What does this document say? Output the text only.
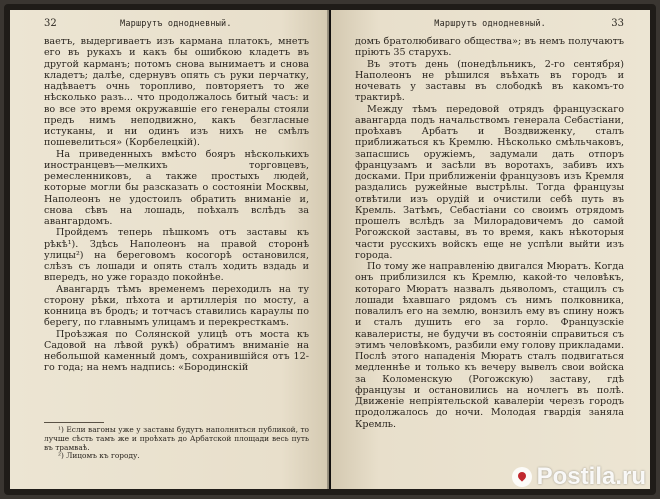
32	Маршрутъ однодневный.

ваетъ, выдергиваетъ изъ кармана платокъ, мнетъ его въ рукахъ и какъ бы ошибкою кладетъ въ другой карманъ; потомъ снова вынимаетъ и снова кладетъ; далѣе, сдернувъ опять съ руки перчатку, надѣваетъ очнь торопливо, повторяетъ то же нѣсколько разъ... что продолжалось битый часъ: и во все это время окружавшіе его генералы стояли предъ нимъ неподвижно, какъ безгласные истуканы, и ни одинъ изъ нихъ не смѣлъ пошевелиться» (Корбелецкій).

На приведенныхъ вмѣсто бояръ нѣсколькихъ иностранцевъ—мелкихъ торговцевъ, ремесленниковъ, а также простыхъ людей, которые могли бы разсказать о состояніи Москвы, Наполеонъ не удостоилъ обратить вниманіе и, снова сѣвъ на лошадь, поѣхалъ вслѣдъ за авангардомъ.

Пройдемъ теперь пѣшкомъ отъ заставы къ рѣкѣ¹). Здѣсь Наполеонъ на правой сторонѣ улицы²) на береговомъ косогорѣ остановился, слѣзъ съ лошади и опять сталъ ходить вздадь и впередъ, но уже гораздо покойнѣе.

Авангардъ тѣмъ временемъ переходилъ на ту сторону рѣки, пѣхота и артиллерія по мосту, а конница въ бродъ; и тотчасъ ставились караулы по берегу, по главнымъ улицамъ и перекресткамъ.

Проѣзжая по Солянской улицѣ отъ моста къ Садовой на лѣвой рукѣ) обратимъ вниманіе на небольшой каменный домъ, сохранившійся отъ 12-го года; на немъ надпись: «Бородинскій

¹) Если вагоны уже у заставы будутъ наполняться публикой, то лучше сѣсть тамъ же и проѣхать до Арбатской площади весь путь въ трамваѣ.

²) Лицомъ къ городу.

Маршрутъ однодневный.	33

домъ братолюбиваго общества»; въ немъ получаютъ пріютъ 35 старухъ.

Въ этотъ день (понедѣльникъ, 2-го сентября) Наполеонъ не рѣшился въѣхать въ городъ и ночевать у заставы въ слободкѣ въ какомъ-то трактирѣ.

Между тѣмъ передовой отрядъ французскаго авангарда подъ начальствомъ генерала Себастіани, проѣхавъ Арбатъ и Воздвиженку, сталъ приближаться къ Кремлю. Нѣсколько смѣльчаковъ, запасшись оружіемъ, задумали дать отпоръ французамъ и засѣли въ воротахъ, забивъ ихъ досками. При приближеніи французовъ изъ Кремля раздались ружейные выстрѣлы. Тогда французы отвѣтили изъ орудій и очистили себѣ путь въ Кремль. Затѣмъ, Себастіани со своимъ отрядомъ прошелъ вслѣдъ за Милорадовичемъ до самой Рогожской заставы, въ то время, какъ нѣкоторыя части русскихъ войскъ еще не успѣли выйти изъ города.

По тому же направленію двигался Мюратъ. Когда онъ приблизился къ Кремлю, какой-то человѣкъ, котораго Мюратъ назвалъ дьяволомъ, стащилъ съ лошади ѣхавшаго рядомъ съ нимъ полковника, повалилъ его на землю, вонзилъ ему въ спину ножъ и сталъ душить его за горло. Французскіе кавалеристы, не будучи въ состояніи справиться съ этимъ человѣкомъ, разбили ему голову прикладами. Послѣ этого нападенія Мюратъ сталъ подвигаться медленнѣе и только къ вечеру вывелъ свои войска за Коломенскую (Рогожскую) заставу, гдѣ французы и остановились на ночлегъ въ полѣ. Движеніе непріятельской кавалеріи черезъ городъ продолжалось до ночи. Молодая гвардія заняла Кремль.

Postila.ru
